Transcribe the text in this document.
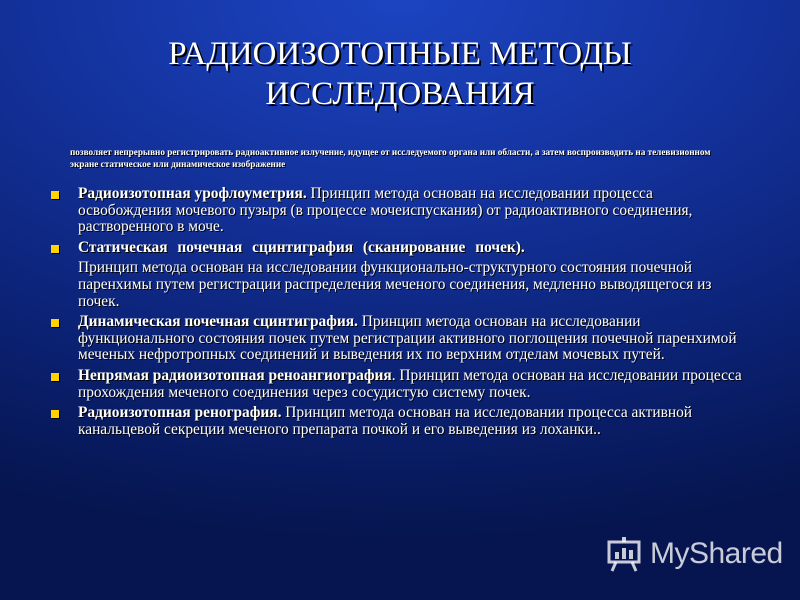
РАДИОИЗОТОПНЫЕ МЕТОДЫ
ИССЛЕДОВАНИЯ
позволяет непрерывно регистрировать радиоактивное излучение, идущее от исследуемого органа или области, а затем воспроизводить на телевизионном экране статическое или динамическое изображение
Радиоизотопная урофлоуметрия. Принцип метода основан на исследовании процесса освобождения мочевого пузыря (в процессе мочеиспускания) от радиоактивного соединения, растворенного в моче.
Статическая почечная сцинтиграфия (сканирование почек).
Принцип метода основан на исследовании функционально-структурного состояния почечной паренхимы путем регистрации распределения меченого соединения, медленно выводящегося из почек.
Динамическая почечная сцинтиграфия. Принцип метода основан на исследовании функционального состояния почек путем регистрации активного поглощения почечной паренхимой меченых нефротропных соединений и выведения их по верхним отделам мочевых путей.
Непрямая радиоизотопная реноангиография. Принцип метода основан на исследовании процесса прохождения меченого соединения через сосудистую систему почек.
Радиоизотопная ренография. Принцип метода основан на исследовании процесса активной канальцевой секреции меченого препарата почкой и его выведения из лоханки..
MyShared
